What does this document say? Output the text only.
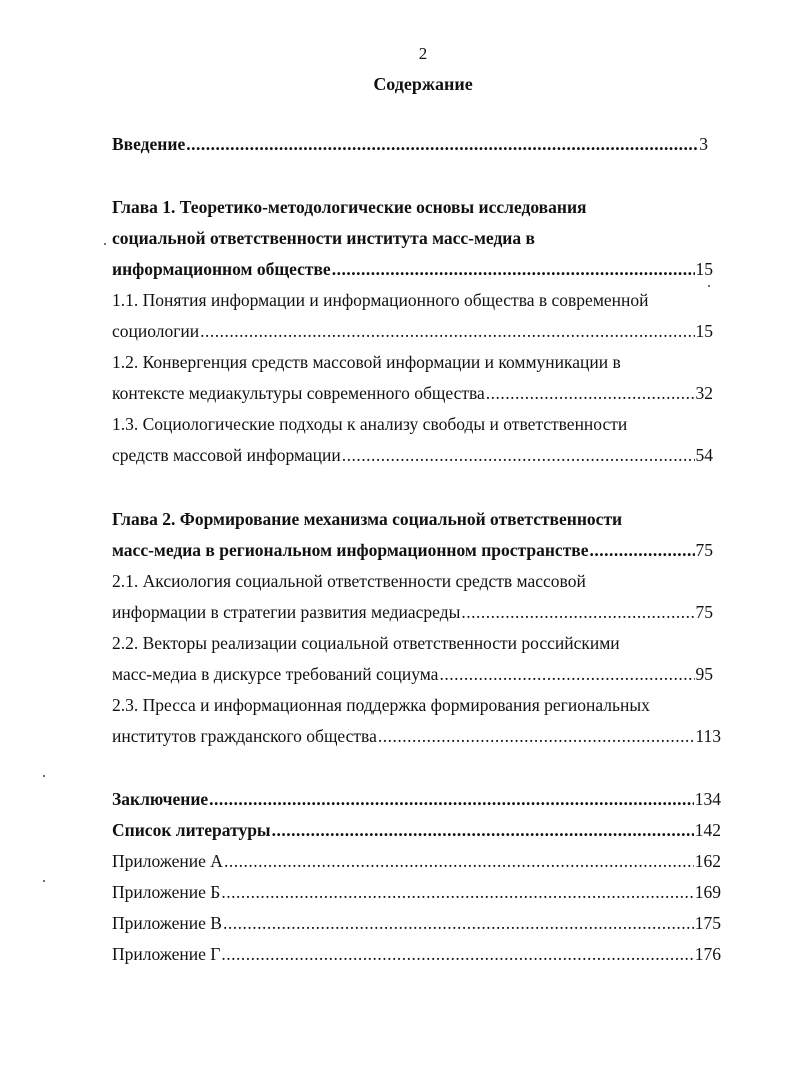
2
Содержание
Введение .....	3
Глава 1. Теоретико-методологические основы исследования
социальной ответственности института масс-медиа в
информационном обществе .....	15
1.1. Понятия информации и информационного общества в современной
социологии .....	15
1.2. Конвергенция средств массовой информации и коммуникации в
контексте медиакультуры современного общества .....	32
1.3. Социологические подходы к анализу свободы и ответственности
средств массовой информации .....	54
Глава 2. Формирование механизма социальной ответственности
масс-медиа в региональном информационном пространстве .....	75
2.1. Аксиология социальной ответственности средств массовой
информации в стратегии развития медиасреды .....	75
2.2. Векторы реализации социальной ответственности российскими
масс-медиа в дискурсе требований социума .....	95
2.3. Пресса и информационная поддержка формирования региональных
институтов гражданского общества .....	113
Заключение .....	134
Список литературы .....	142
Приложение А .....	162
Приложение Б .....	169
Приложение В .....	175
Приложение Г .....	176
